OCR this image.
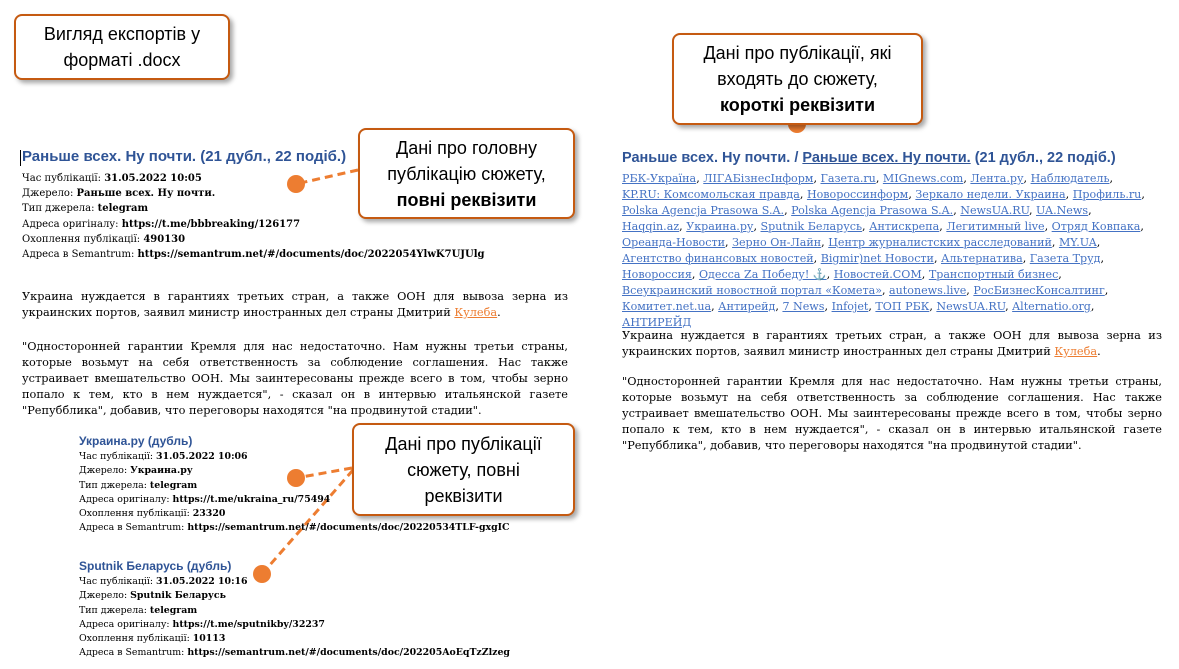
Вигляд експортів у
форматі .docx
Дані про головну
публікацію сюжету,
повні реквізити
Дані про публікації
сюжету, повні
реквізити
Дані про публікації, які
входять до сюжету,
короткі реквізити
Раньше всех. Ну почти. (21 дубл., 22 подіб.)
Час публікації: 31.05.2022 10:05
Джерело: Раньше всех. Ну почти.
Тип джерела: telegram
Адреса оригіналу: https://t.me/bbbreaking/126177
Охоплення публікації: 490130
Адреса в Semantrum: https://semantrum.net/#/documents/doc/2022054YlwK7UJUlg

Украина нуждается в гарантиях третьих стран, а также ООН для вывоза зерна из украинских портов, заявил министр иностранных дел страны Дмитрий Кулеба.

"Односторонней гарантии Кремля для нас недостаточно. Нам нужны третьи страны, которые возьмут на себя ответственность за соблюдение соглашения. Нас также устраивает вмешательство ООН. Мы заинтересованы прежде всего в том, чтобы зерно попало к тем, кто в нем нуждается", - сказал он в интервью итальянской газете "Репубблика", добавив, что переговоры находятся "на продвинутой стадии".

Украина.ру (дубль)
Час публікації: 31.05.2022 10:06
Джерело: Украина.ру
Тип джерела: telegram
Адреса оригіналу: https://t.me/ukraina_ru/75494
Охоплення публікації: 23320
Адреса в Semantrum: https://semantrum.net/#/documents/doc/20220534TLF-gxgIC
Sputnik Беларусь (дубль)
Час публікації: 31.05.2022 10:16
Джерело: Sputnik Беларусь
Тип джерела: telegram
Адреса оригіналу: https://t.me/sputnikby/32237
Охоплення публікації: 10113
Адреса в Semantrum: https://semantrum.net/#/documents/doc/202205AoEqTzZlzeg
Раньше всех. Ну почти. / Раньше всех. Ну почти. (21 дубл., 22 подіб.)

РБК-Україна, ЛІГАБізнесІнформ, Газета.ru, MIGnews.com, Лента.ру, Наблюдатель, KP.RU: Комсомольская правда, Новороссинформ, Зеркало недели. Украина, Профиль.ru, Polska Agencja Prasowa S.A., Polska Agencja Prasowa S.A., NewsUA.RU, UA.News, Haqqin.az, Украина.ру, Sputnik Беларусь, Антискрепа, Легитимный live, Отряд Ковпака, Ореанда-Новости, Зерно Он-Лайн, Центр журналистских расследований, MY.UA, Агентство финансовых новостей, Bigmir)net Новости, Альтернатива, Газета Труд, Новороссия, Одесса Za Победу! ⚓, Новостей.COM, Транспортный бизнес, Всеукраинский новостной портал «Комета», autonews.live, РосБизнесКонсалтинг, Комитет.net.ua, Антирейд, 7 News, Infojet, ТОП РБК, NewsUA.RU, Alternatio.org, АНТИРЕЙД

Украина нуждается в гарантиях третьих стран, а также ООН для вывоза зерна из украинских портов, заявил министр иностранных дел страны Дмитрий Кулеба.

"Односторонней гарантии Кремля для нас недостаточно. Нам нужны третьи страны, которые возьмут на себя ответственность за соблюдение соглашения. Нас также устраивает вмешательство ООН. Мы заинтересованы прежде всего в том, чтобы зерно попало к тем, кто в нем нуждается", - сказал он в интервью итальянской газете "Репубблика", добавив, что переговоры находятся "на продвинутой стадии".
